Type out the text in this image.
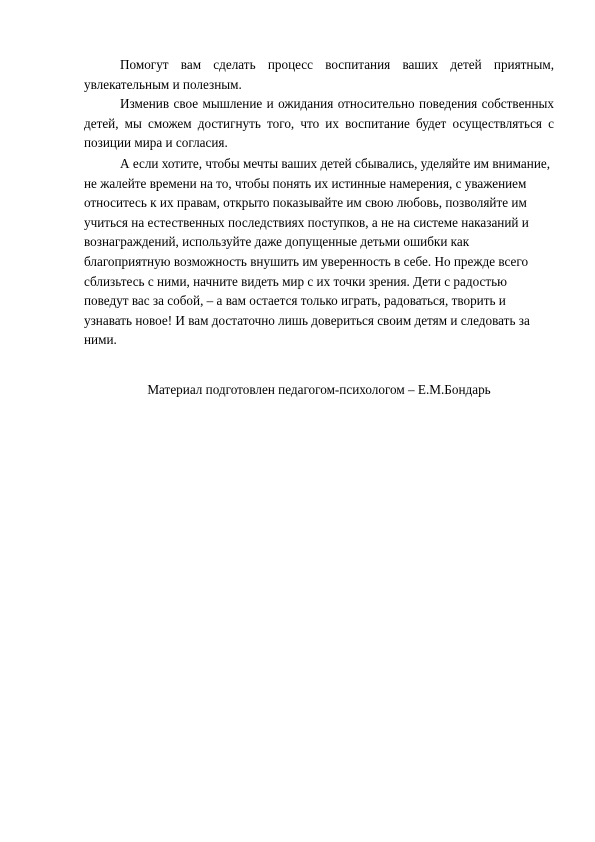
Помогут вам сделать процесс воспитания ваших детей приятным, увлекательным и полезным.

Изменив свое мышление и ожидания относительно поведения собственных детей, мы сможем достигнуть того, что их воспитание будет осуществляться с позиции мира и согласия.

А если хотите, чтобы мечты ваших детей сбывались, уделяйте им внимание, не жалейте времени на то, чтобы понять их истинные намерения, с уважением относитесь к их правам, открыто показывайте им свою любовь, позволяйте им учиться на естественных последствиях поступков, а не на системе наказаний и вознаграждений, используйте даже допущенные детьми ошибки как благоприятную возможность внушить им уверенность в себе. Но прежде всего сблизьтесь с ними, начните видеть мир с их точки зрения. Дети с радостью поведут вас за собой, – а вам остается только играть, радоваться, творить и узнавать новое! И вам достаточно лишь довериться своим детям и следовать за ними.

Материал подготовлен педагогом-психологом – Е.М.Бондарь
